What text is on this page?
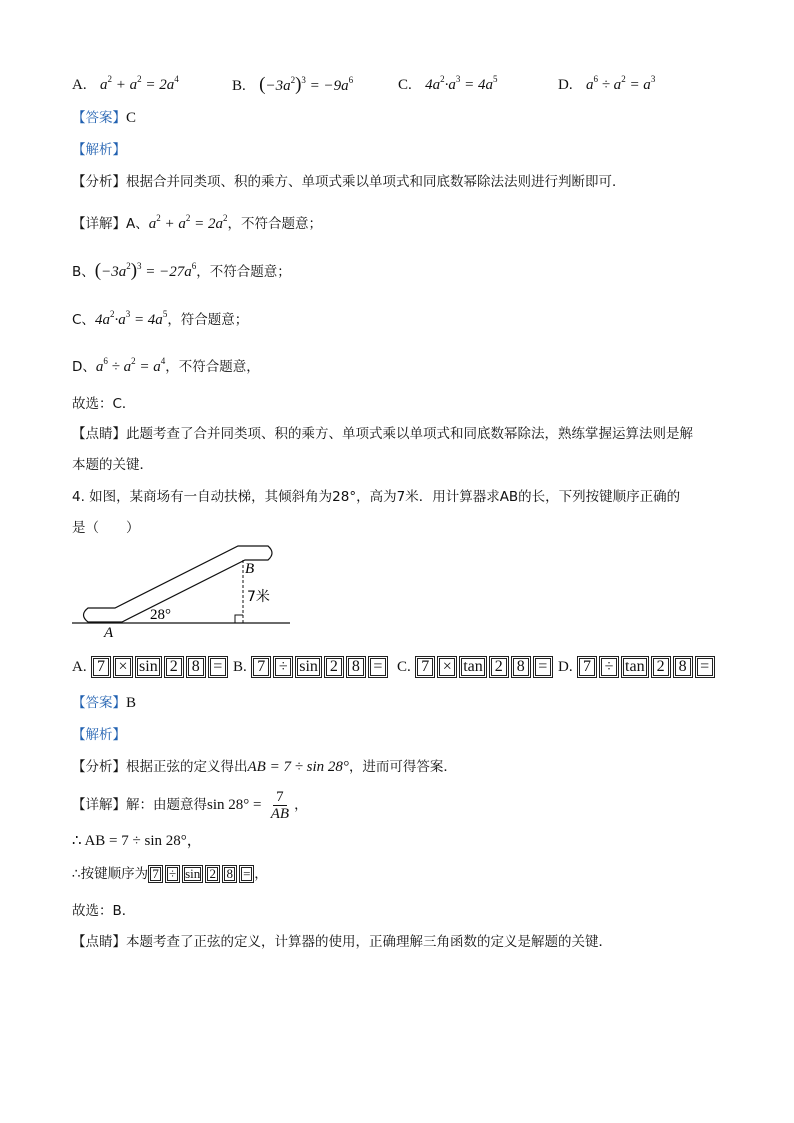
A. $a^2 + a^2 = 2a^4$	B. $(-3a^2)^3 = -9a^6$	C. $4a^2\cdot a^3 = 4a^5$	D. $a^6 \div a^2 = a^3$
【答案】C
【解析】
【分析】根据合并同类项、积的乘方、单项式乘以单项式和同底数幂除法法则进行判断即可．
【详解】A、$a^2 + a^2 = 2a^2$，不符合题意；
B、$(-3a^2)^3 = -27a^6$，不符合题意；
C、$4a^2\cdot a^3 = 4a^5$，符合题意；
D、$a^6 \div a^2 = a^4$，不符合题意，
故选：C．
【点睛】此题考查了合并同类项、积的乘方、单项式乘以单项式和同底数幂除法，熟练掌握运算法则是解
本题的关键．
4. 如图，某商场有一自动扶梯，其倾斜角为28°，高为7米．用计算器求AB的长，下列按键顺序正确的
是（　　）
B
7米
28°
A
A. 7 × sin 2 8 = B. 7 ÷ sin 2 8 = C. 7 × tan 2 8 = D. 7 ÷ tan 2 8 =
【答案】B
【解析】
【分析】根据正弦的定义得出AB = 7 ÷ sin 28°，进而可得答案．
【详解】解：由题意得$\sin 28^\circ = \frac{7}{AB}$ ，
∴ AB = 7 ÷ sin 28°，
∴按键顺序为 7 ÷ sin 2 8 = ，
故选：B．
【点睛】本题考查了正弦的定义，计算器的使用，正确理解三角函数的定义是解题的关键．
